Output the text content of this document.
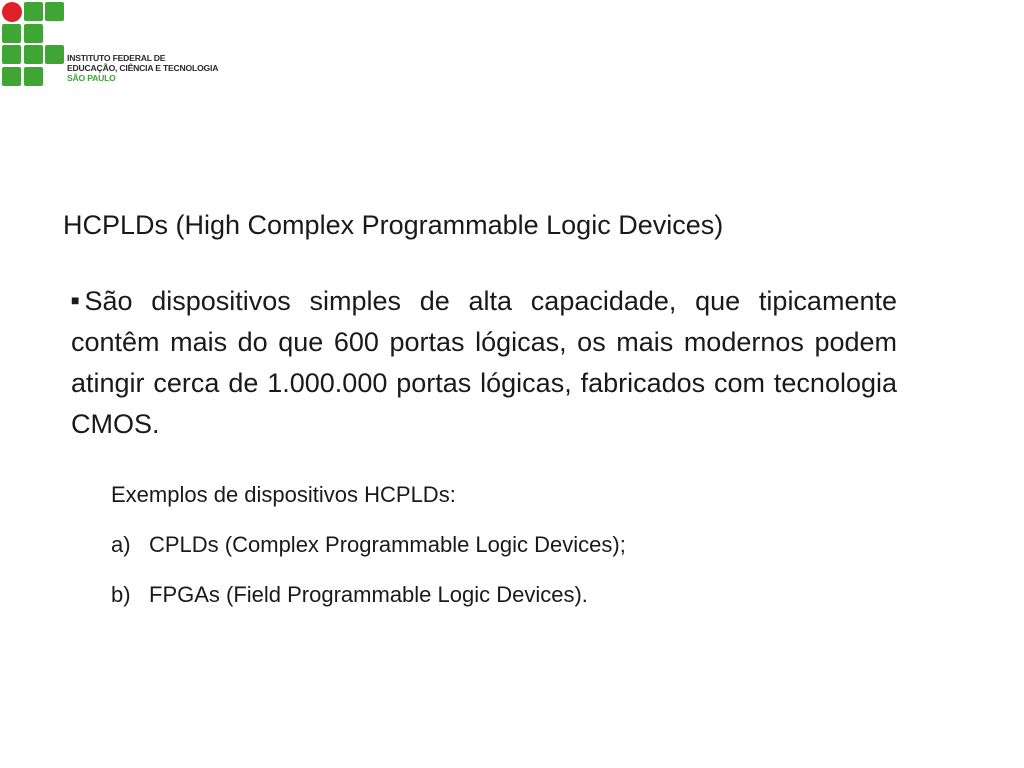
INSTITUTO FEDERAL DE
EDUCAÇÃO, CIÊNCIA E TECNOLOGIA
SÃO PAULO
HCPLDs (High Complex Programmable Logic Devices)
■ São dispositivos simples de alta capacidade, que tipicamente contêm mais do que 600 portas lógicas, os mais modernos podem atingir cerca de 1.000.000 portas lógicas, fabricados com tecnologia CMOS.
Exemplos de dispositivos HCPLDs:
a) CPLDs (Complex Programmable Logic Devices);
b) FPGAs (Field Programmable Logic Devices).
